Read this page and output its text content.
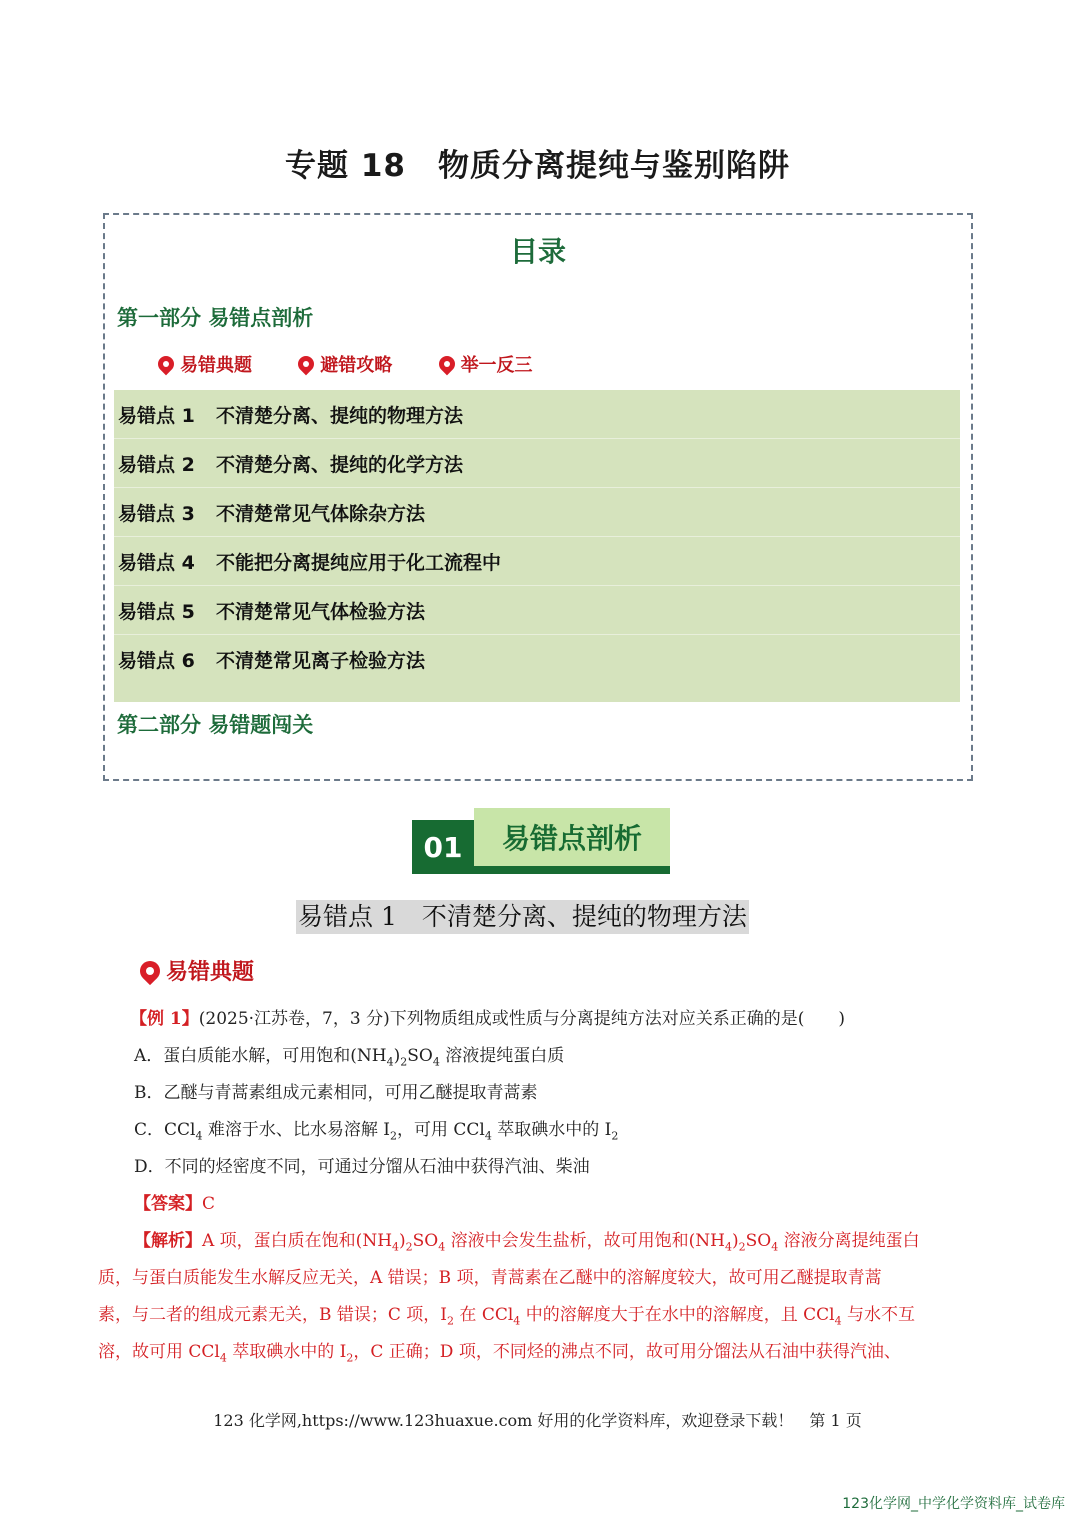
专题 18　物质分离提纯与鉴别陷阱
目录
第一部分 易错点剖析
易错典题
	避错攻略
	举一反三
易错点 1	不清楚分离、提纯的物理方法
易错点 2	不清楚分离、提纯的化学方法
易错点 3	不清楚常见气体除杂方法
易错点 4	不能把分离提纯应用于化工流程中
易错点 5	不清楚常见气体检验方法
易错点 6	不清楚常见离子检验方法
第二部分 易错题闯关
01	易错点剖析
易错点 1　不清楚分离、提纯的物理方法
易错典题
【例 1】(2025·江苏卷，7，3 分)下列物质组成或性质与分离提纯方法对应关系正确的是(　　)
A．蛋白质能水解，可用饱和$(NH_4)_2SO_4$ 溶液提纯蛋白质
B．乙醚与青蒿素组成元素相同，可用乙醚提取青蒿素
C．CCl$_4$ 难溶于水、比水易溶解 $I_2$，可用 CCl$_4$ 萃取碘水中的 $I_2$
D．不同的烃密度不同，可通过分馏从石油中获得汽油、柴油
【答案】C
【解析】A 项，蛋白质在饱和$(NH_4)_2SO_4$ 溶液中会发生盐析，故可用饱和$(NH_4)_2SO_4$ 溶液分离提纯蛋白
质，与蛋白质能发生水解反应无关，A 错误；B 项，青蒿素在乙醚中的溶解度较大，故可用乙醚提取青蒿
素，与二者的组成元素无关，B 错误；C 项，$I_2$ 在 CCl$_4$ 中的溶解度大于在水中的溶解度，且 CCl$_4$ 与水不互
溶，故可用 CCl$_4$ 萃取碘水中的 $I_2$，C 正确；D 项，不同烃的沸点不同，故可用分馏法从石油中获得汽油、
123 化学网,https://www.123huaxue.com 好用的化学资料库，欢迎登录下载！　第 1 页
123化学网_中学化学资料库_试卷库
